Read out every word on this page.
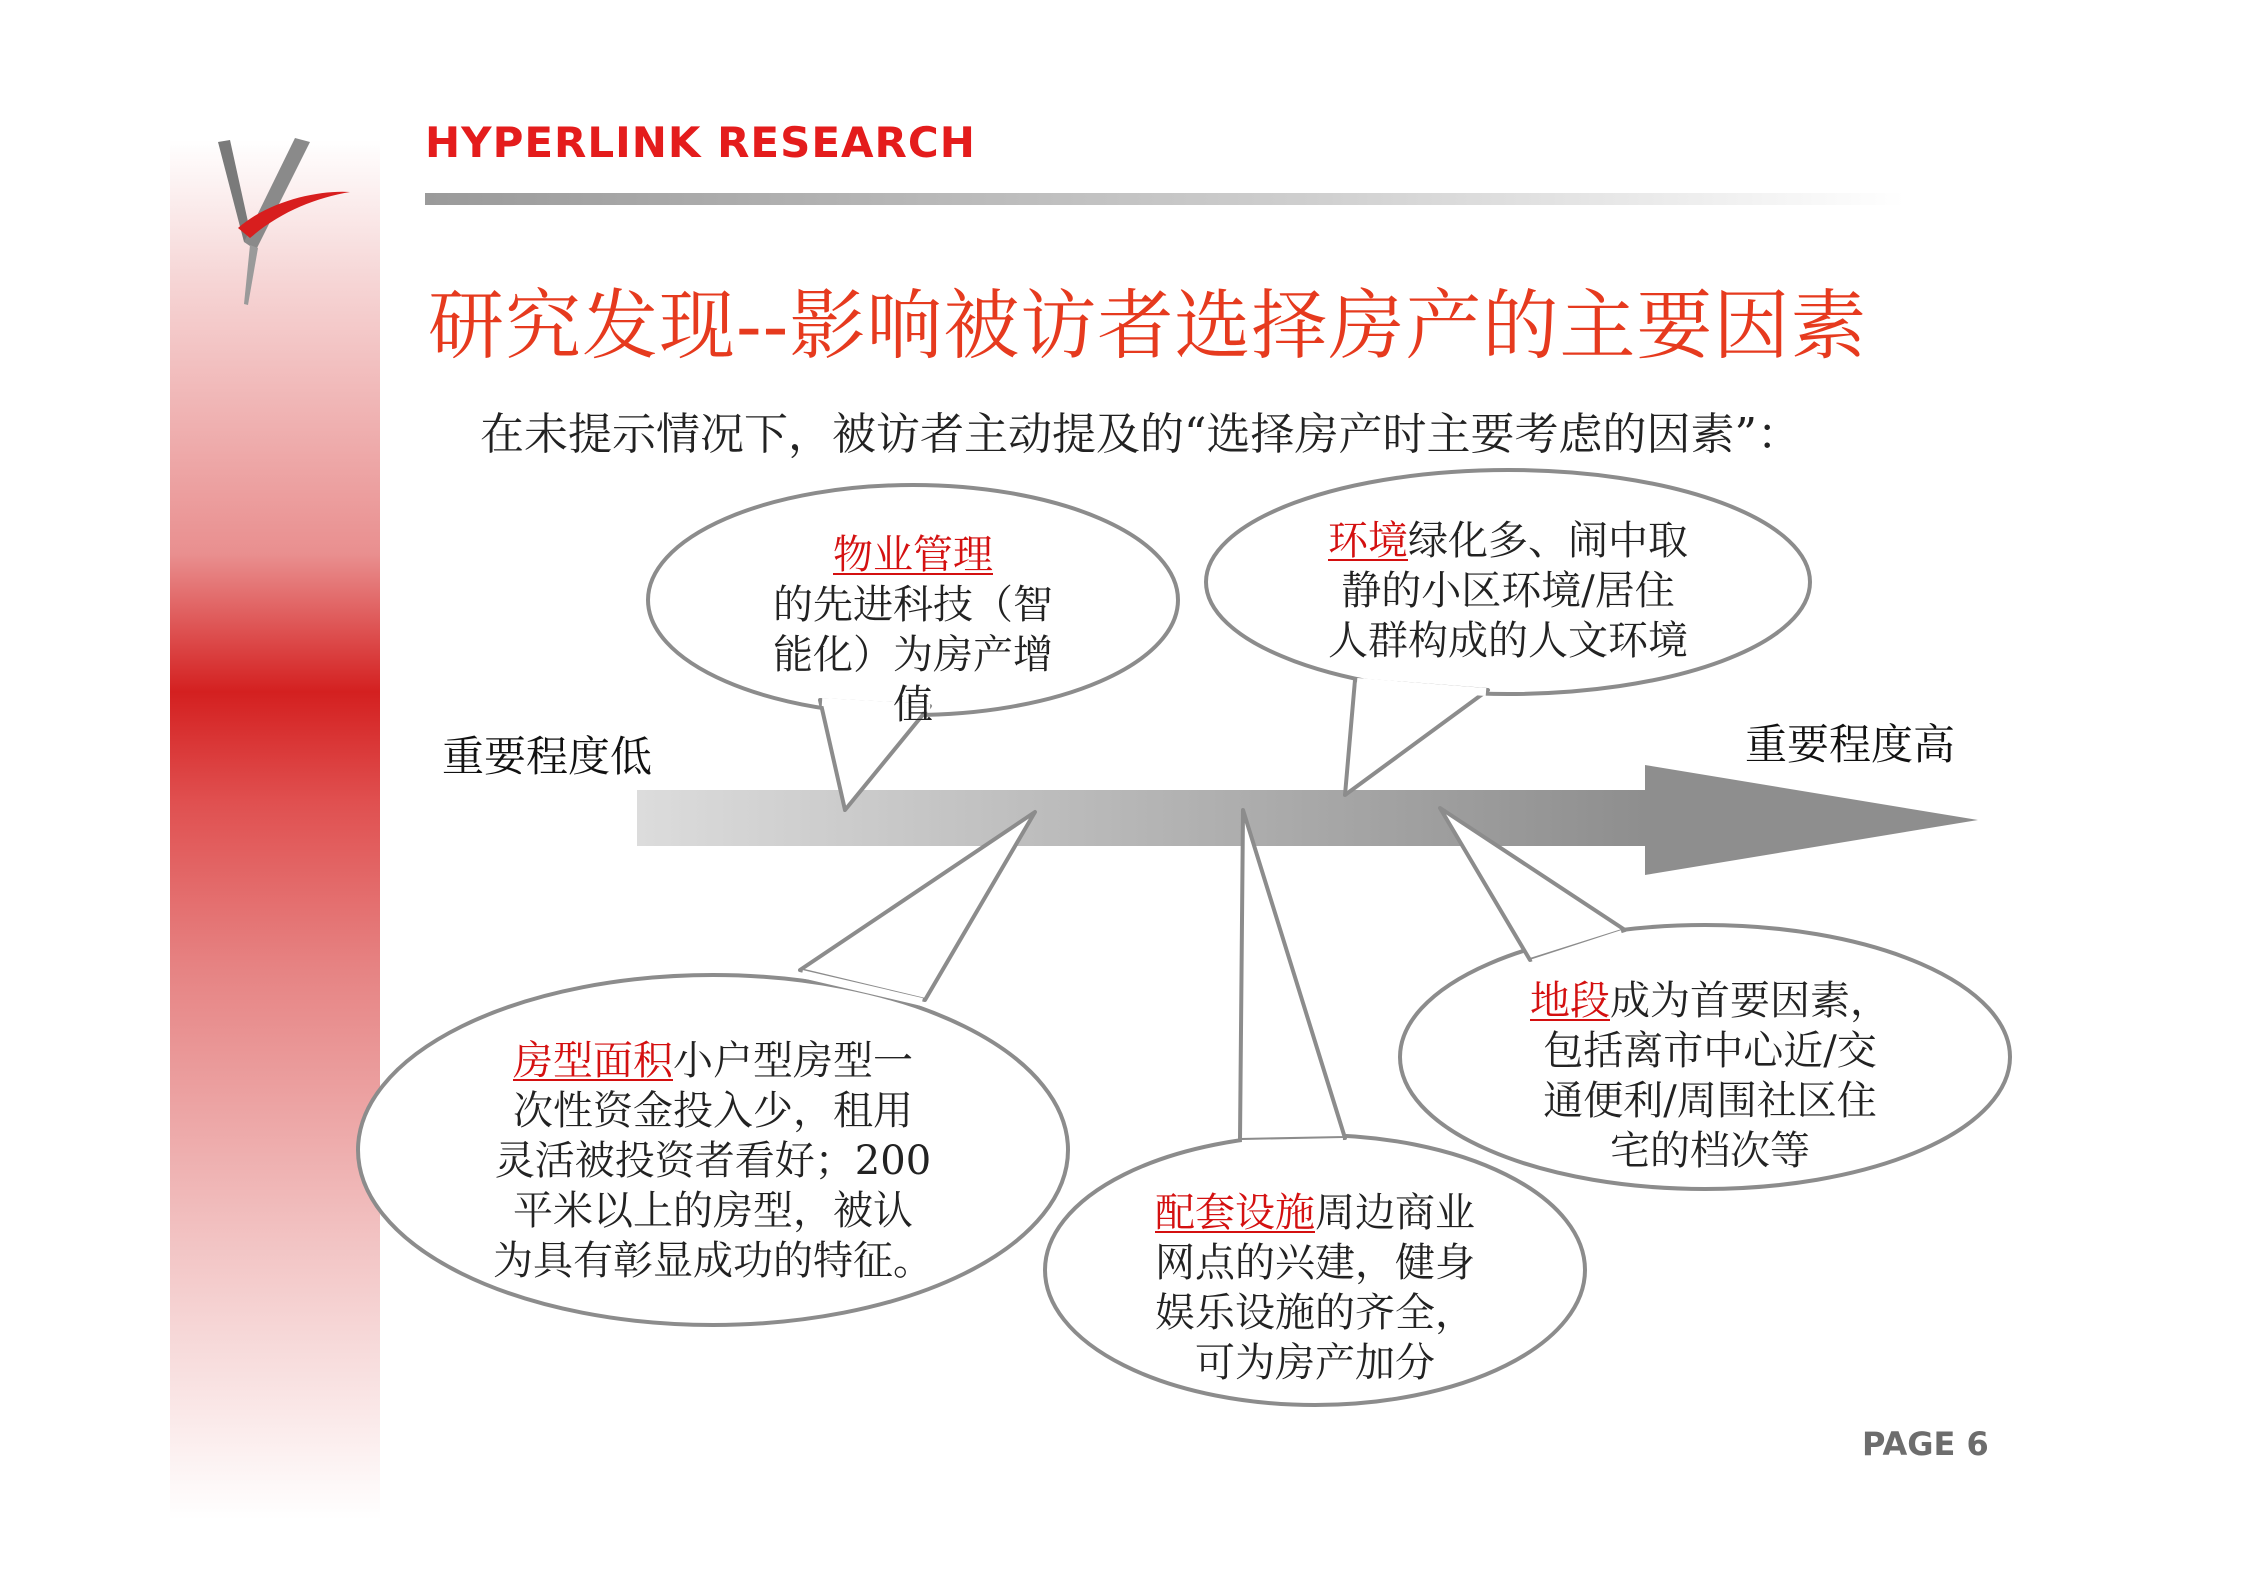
HYPERLINK RESEARCH
研究发现--影响被访者选择房产的主要因素
在未提示情况下，被访者主动提及的“选择房产时主要考虑的因素”：
重要程度低	重要程度高
物业管理
的先进科技（智
能化）为房产增
值
环境绿化多、闹中取
静的小区环境/居住
人群构成的人文环境
房型面积小户型房型一
次性资金投入少，租用
灵活被投资者看好；200
平米以上的房型，被认
为具有彰显成功的特征。
配套设施周边商业
网点的兴建，健身
娱乐设施的齐全，
可为房产加分
地段成为首要因素，
包括离市中心近/交
通便利/周围社区住
宅的档次等
PAGE 6
